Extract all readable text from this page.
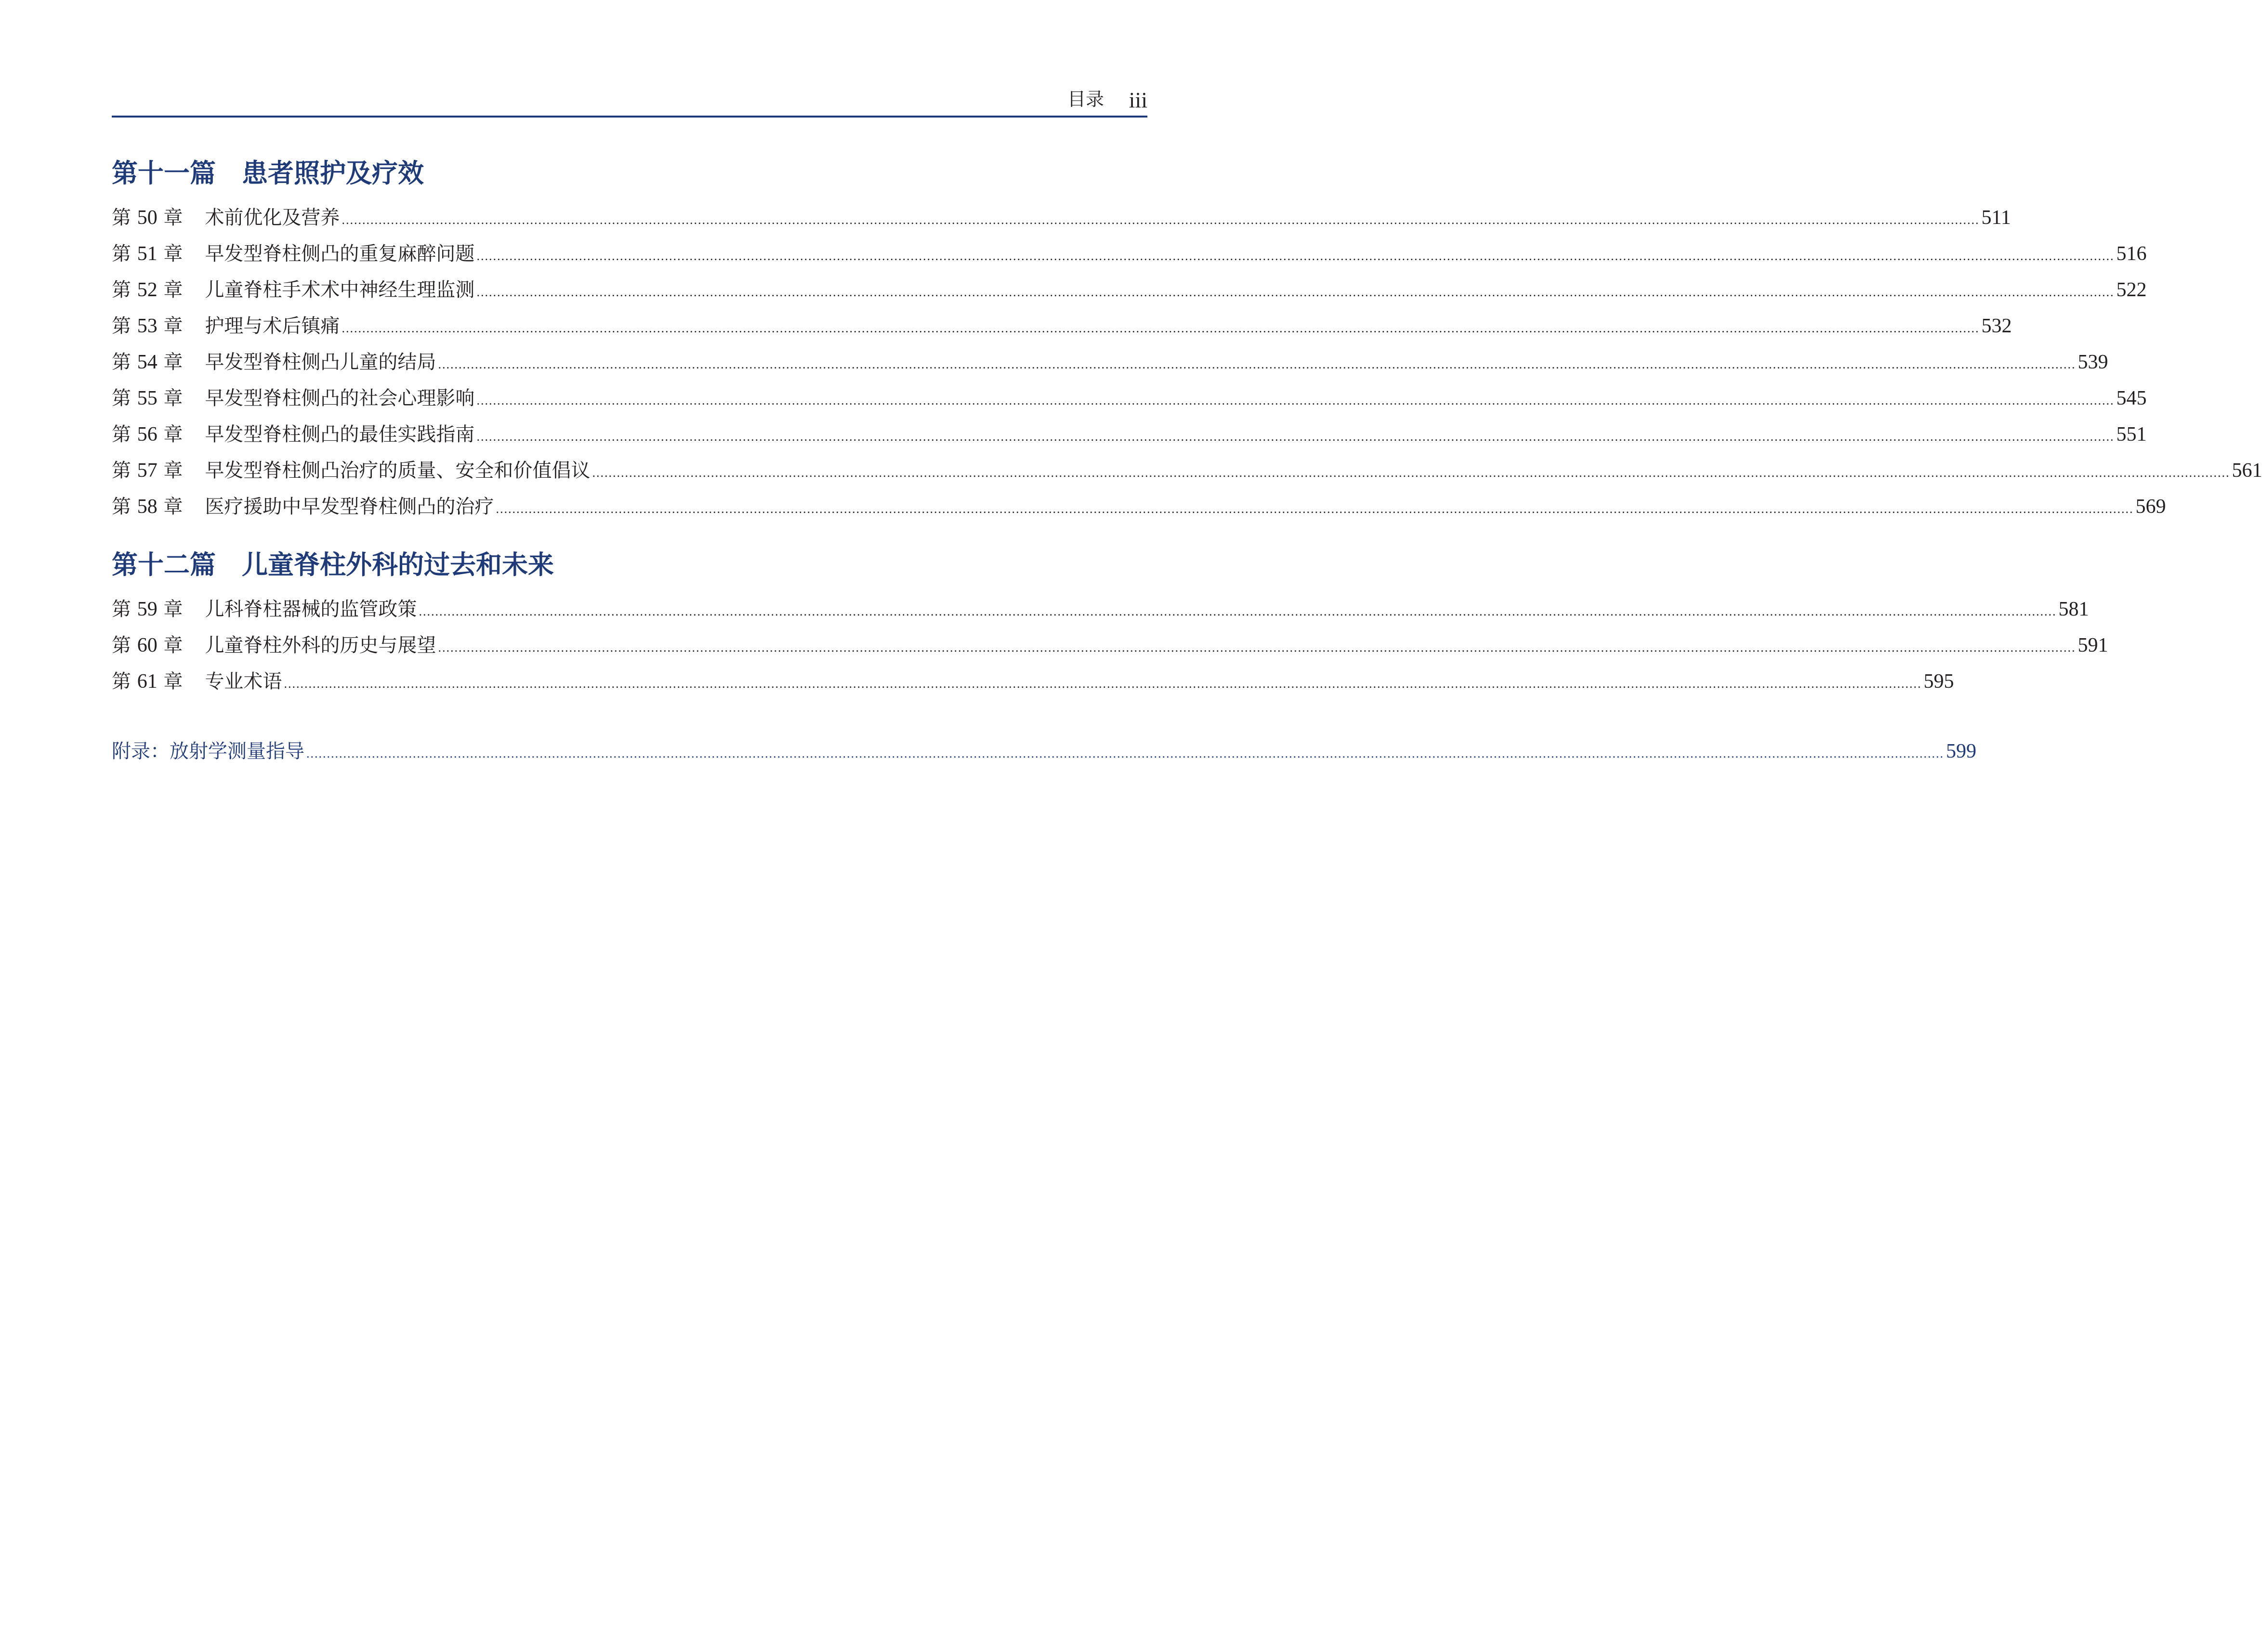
目录 iii
第十一篇　患者照护及疗效
第 50 章 术前优化及营养 ................................................................................................................................................................................................................................................................................................................................................................................................................ 511
第 51 章 早发型脊柱侧凸的重复麻醉问题 ................................................................................................................................................................................................................................................................................................................................................................................................................ 516
第 52 章 儿童脊柱手术术中神经生理监测 ................................................................................................................................................................................................................................................................................................................................................................................................................ 522
第 53 章 护理与术后镇痛 ................................................................................................................................................................................................................................................................................................................................................................................................................ 532
第 54 章 早发型脊柱侧凸儿童的结局 ................................................................................................................................................................................................................................................................................................................................................................................................................ 539
第 55 章 早发型脊柱侧凸的社会心理影响 ................................................................................................................................................................................................................................................................................................................................................................................................................ 545
第 56 章 早发型脊柱侧凸的最佳实践指南 ................................................................................................................................................................................................................................................................................................................................................................................................................ 551
第 57 章 早发型脊柱侧凸治疗的质量、安全和价值倡议 ................................................................................................................................................................................................................................................................................................................................................................................................................ 561
第 58 章 医疗援助中早发型脊柱侧凸的治疗 ................................................................................................................................................................................................................................................................................................................................................................................................................ 569
第十二篇　儿童脊柱外科的过去和未来
第 59 章 儿科脊柱器械的监管政策 ................................................................................................................................................................................................................................................................................................................................................................................................................ 581
第 60 章 儿童脊柱外科的历史与展望 ................................................................................................................................................................................................................................................................................................................................................................................................................ 591
第 61 章 专业术语 ................................................................................................................................................................................................................................................................................................................................................................................................................ 595
附录：放射学测量指导 ................................................................................................................................................................................................................................................................................................................................................................................................................ 599
